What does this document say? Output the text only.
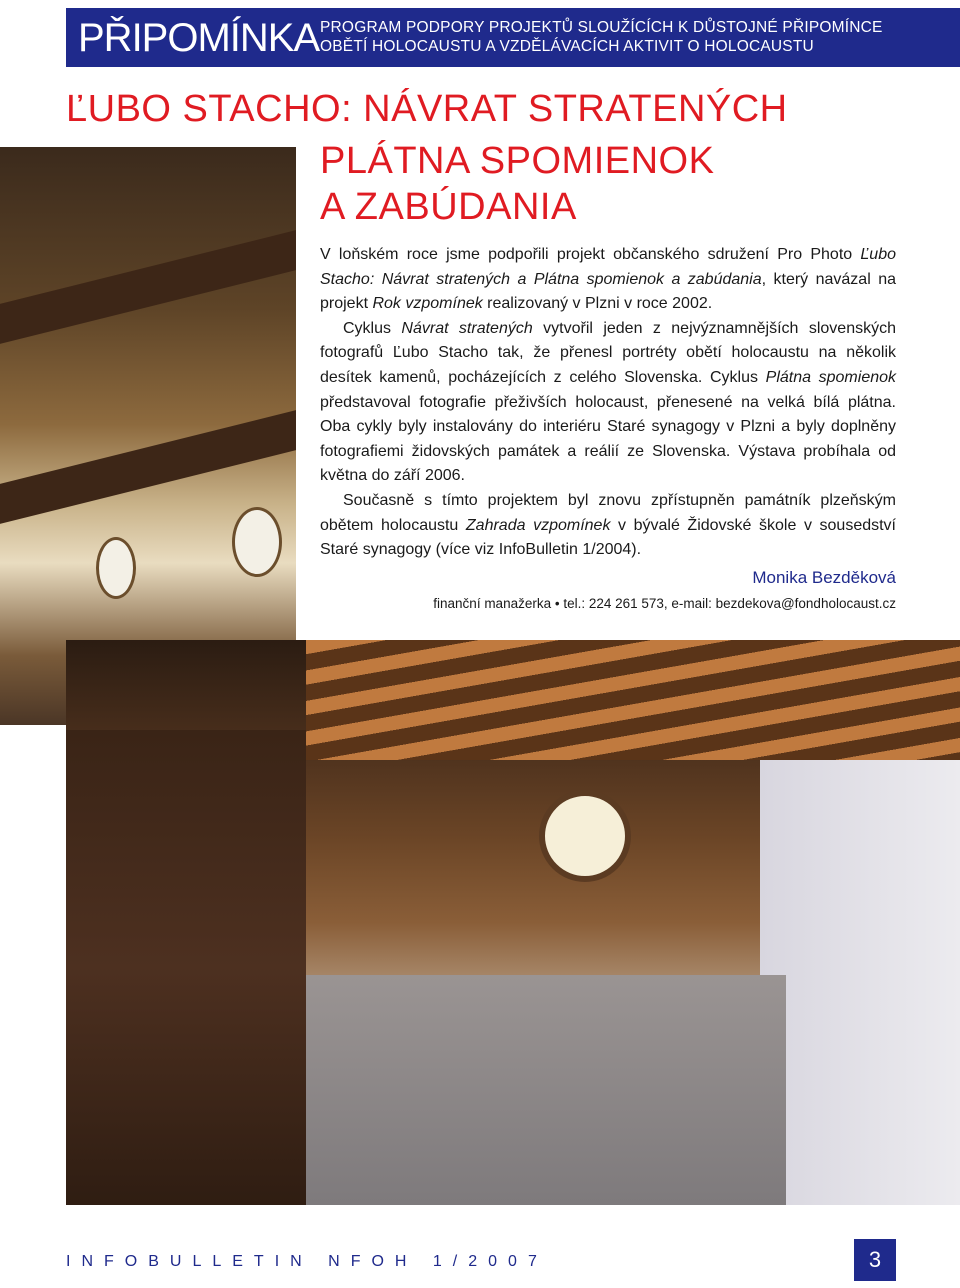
PŘIPOMÍNKA PROGRAM PODPORY PROJEKTŮ SLOUŽÍCÍCH K DŮSTOJNÉ PŘIPOMÍNCE
OBĚTÍ HOLOCAUSTU A VZDĚLÁVACÍCH AKTIVIT O HOLOCAUSTU
ĽUBO STACHO: NÁVRAT STRATENÝCH
PLÁTNA SPOMIENOK
A ZABÚDANIA

V loňském roce jsme podpořili projekt občanského sdružení Pro Photo Ľubo Stacho: Návrat stratených a Plátna spomienok a zabúdania, který navázal na projekt Rok vzpomínek realizovaný v Plzni v roce 2002.

Cyklus Návrat stratených vytvořil jeden z nejvýznamnějších slovenských fotografů Ľubo Stacho tak, že přenesl portréty obětí holocaustu na několik desítek kamenů, pocházejících z celého Slovenska. Cyklus Plátna spomienok představoval fotografie přeživších holocaust, přenesené na velká bílá plátna. Oba cykly byly instalovány do interiéru Staré synagogy v Plzni a byly doplněny fotografiemi židovských památek a reálií ze Slovenska. Výstava probíhala od května do září 2006.

Současně s tímto projektem byl znovu zpřístupněn památník plzeňským obětem holocaustu Zahrada vzpomínek v bývalé Židovské škole v sousedství Staré synagogy (více viz InfoBulletin 1/2004).

Monika Bezděková
finanční manažerka • tel.: 224 261 573, e-mail: bezdekova@fondholocaust.cz
INFOBULLETIN NFOH 1/2007	3
